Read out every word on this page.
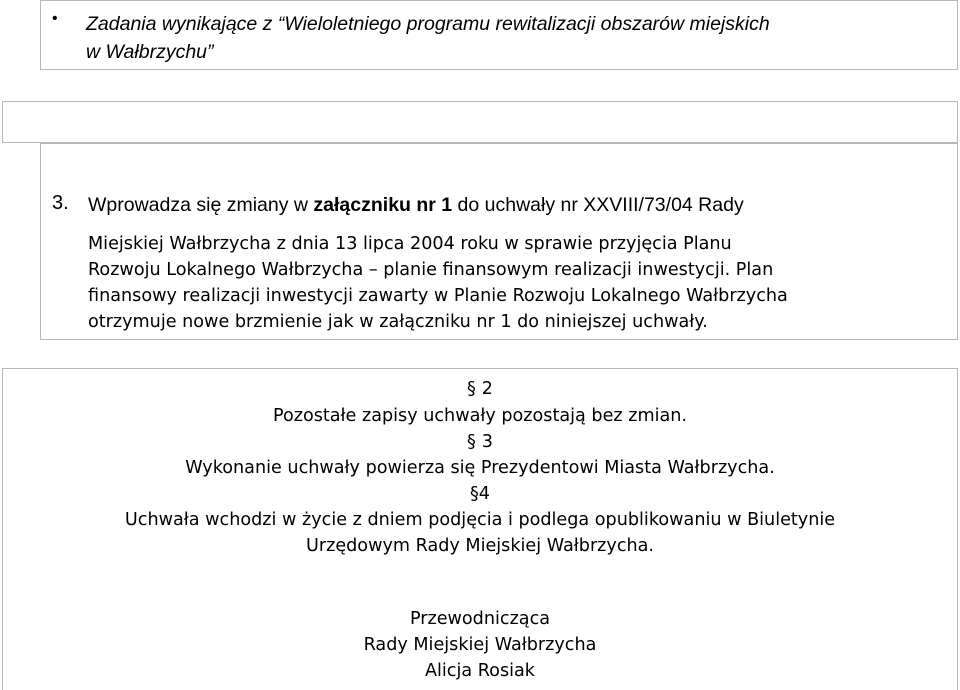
• Zadania wynikające z “Wieloletniego programu rewitalizacji obszarów miejskich
w Wałbrzychu”
3. Wprowadza się zmiany w załączniku nr 1 do uchwały nr XXVIII/73/04 Rady
Miejskiej Wałbrzycha z dnia 13 lipca 2004 roku w sprawie przyjęcia Planu
Rozwoju Lokalnego Wałbrzycha – planie finansowym realizacji inwestycji. Plan
finansowy realizacji inwestycji zawarty w Planie Rozwoju Lokalnego Wałbrzycha
otrzymuje nowe brzmienie jak w załączniku nr 1 do niniejszej uchwały.
§ 2
Pozostałe zapisy uchwały pozostają bez zmian.
§ 3
Wykonanie uchwały powierza się Prezydentowi Miasta Wałbrzycha.
§4
Uchwała wchodzi w życie z dniem podjęcia i podlega opublikowaniu w Biuletynie
Urzędowym Rady Miejskiej Wałbrzycha.
Przewodnicząca
Rady Miejskiej Wałbrzycha
Alicja Rosiak
